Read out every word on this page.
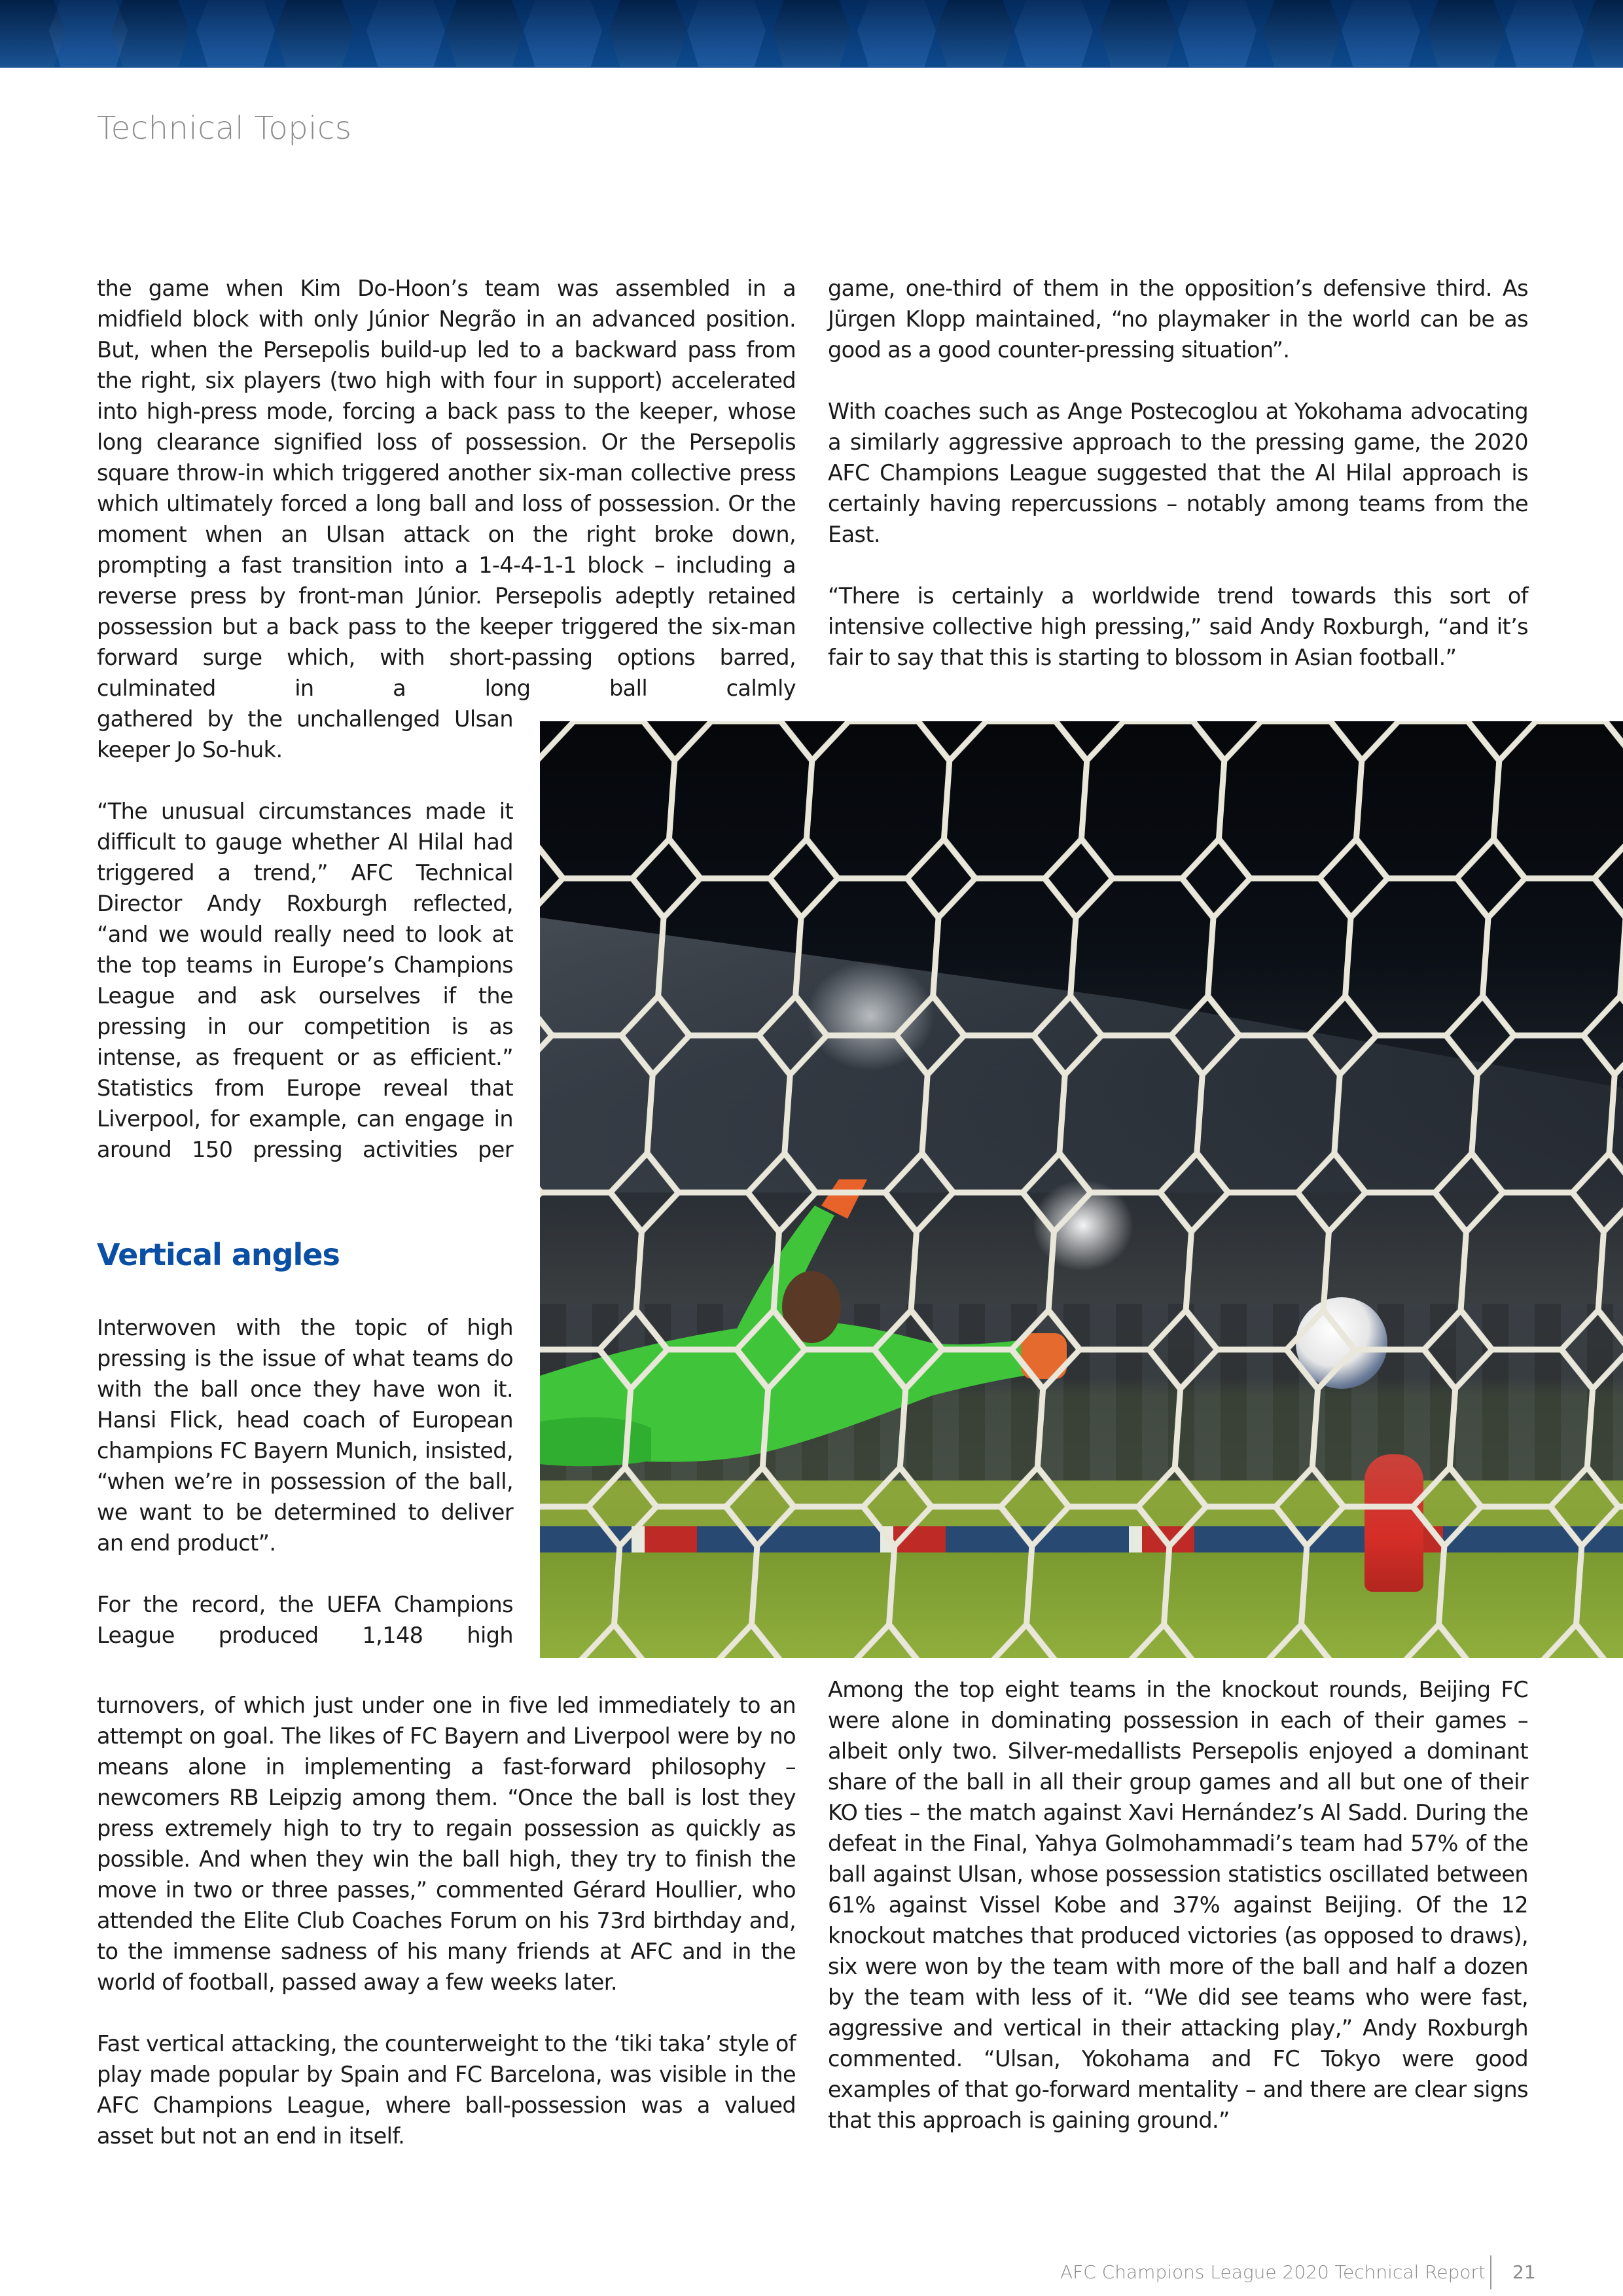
Technical Topics

the game when Kim Do-Hoon’s team was assembled in a midfield block with only Júnior Negrão in an advanced position. But, when the Persepolis build-up led to a backward pass from the right, six players (two high with four in support) accelerated into high-press mode, forcing a back pass to the keeper, whose long clearance signified loss of possession. Or the Persepolis square throw-in which triggered another six-man collective press which ultimately forced a long ball and loss of possession. Or the moment when an Ulsan attack on the right broke down, prompting a fast transition into a 1-4-4-1-1 block – including a reverse press by front-man Júnior. Persepolis adeptly retained possession but a back pass to the keeper triggered the six-man forward surge which, with short-passing options barred, culminated in a long ball calmly

gathered by the unchallenged Ulsan keeper Jo So-huk.

“The unusual circumstances made it difficult to gauge whether Al Hilal had triggered a trend,” AFC Technical Director Andy Roxburgh reflected, “and we would really need to look at the top teams in Europe’s Champions League and ask ourselves if the pressing in our competition is as intense, as frequent or as efficient.” Statistics from Europe reveal that Liverpool, for example, can engage in around 150 pressing activities per

Vertical angles

Interwoven with the topic of high pressing is the issue of what teams do with the ball once they have won it. Hansi Flick, head coach of European champions FC Bayern Munich, insisted, “when we’re in possession of the ball, we want to be determined to deliver an end product”.

For the record, the UEFA Champions League produced 1,148 high

turnovers, of which just under one in five led immediately to an attempt on goal. The likes of FC Bayern and Liverpool were by no means alone in implementing a fast-forward philosophy – newcomers RB Leipzig among them. “Once the ball is lost they press extremely high to try to regain possession as quickly as possible. And when they win the ball high, they try to finish the move in two or three passes,” commented Gérard Houllier, who attended the Elite Club Coaches Forum on his 73rd birthday and, to the immense sadness of his many friends at AFC and in the world of football, passed away a few weeks later.

Fast vertical attacking, the counterweight to the ‘tiki taka’ style of play made popular by Spain and FC Barcelona, was visible in the AFC Champions League, where ball-possession was a valued asset but not an end in itself.

game, one-third of them in the opposition’s defensive third. As Jürgen Klopp maintained, “no playmaker in the world can be as good as a good counter-pressing situation”.

With coaches such as Ange Postecoglou at Yokohama advocating a similarly aggressive approach to the pressing game, the 2020 AFC Champions League suggested that the Al Hilal approach is certainly having repercussions – notably among teams from the East.

“There is certainly a worldwide trend towards this sort of intensive collective high pressing,” said Andy Roxburgh, “and it’s fair to say that this is starting to blossom in Asian football.”

Among the top eight teams in the knockout rounds, Beijing FC were alone in dominating possession in each of their games – albeit only two. Silver-medallists Persepolis enjoyed a dominant share of the ball in all their group games and all but one of their KO ties – the match against Xavi Hernández’s Al Sadd. During the defeat in the Final, Yahya Golmohammadi’s team had 57% of the ball against Ulsan, whose possession statistics oscillated between 61% against Vissel Kobe and 37% against Beijing. Of the 12 knockout matches that produced victories (as opposed to draws), six were won by the team with more of the ball and half a dozen by the team with less of it. “We did see teams who were fast, aggressive and vertical in their attacking play,” Andy Roxburgh commented. “Ulsan, Yokohama and FC Tokyo were good examples of that go-forward mentality – and there are clear signs that this approach is gaining ground.”

AFC Champions League 2020 Technical Report 21
